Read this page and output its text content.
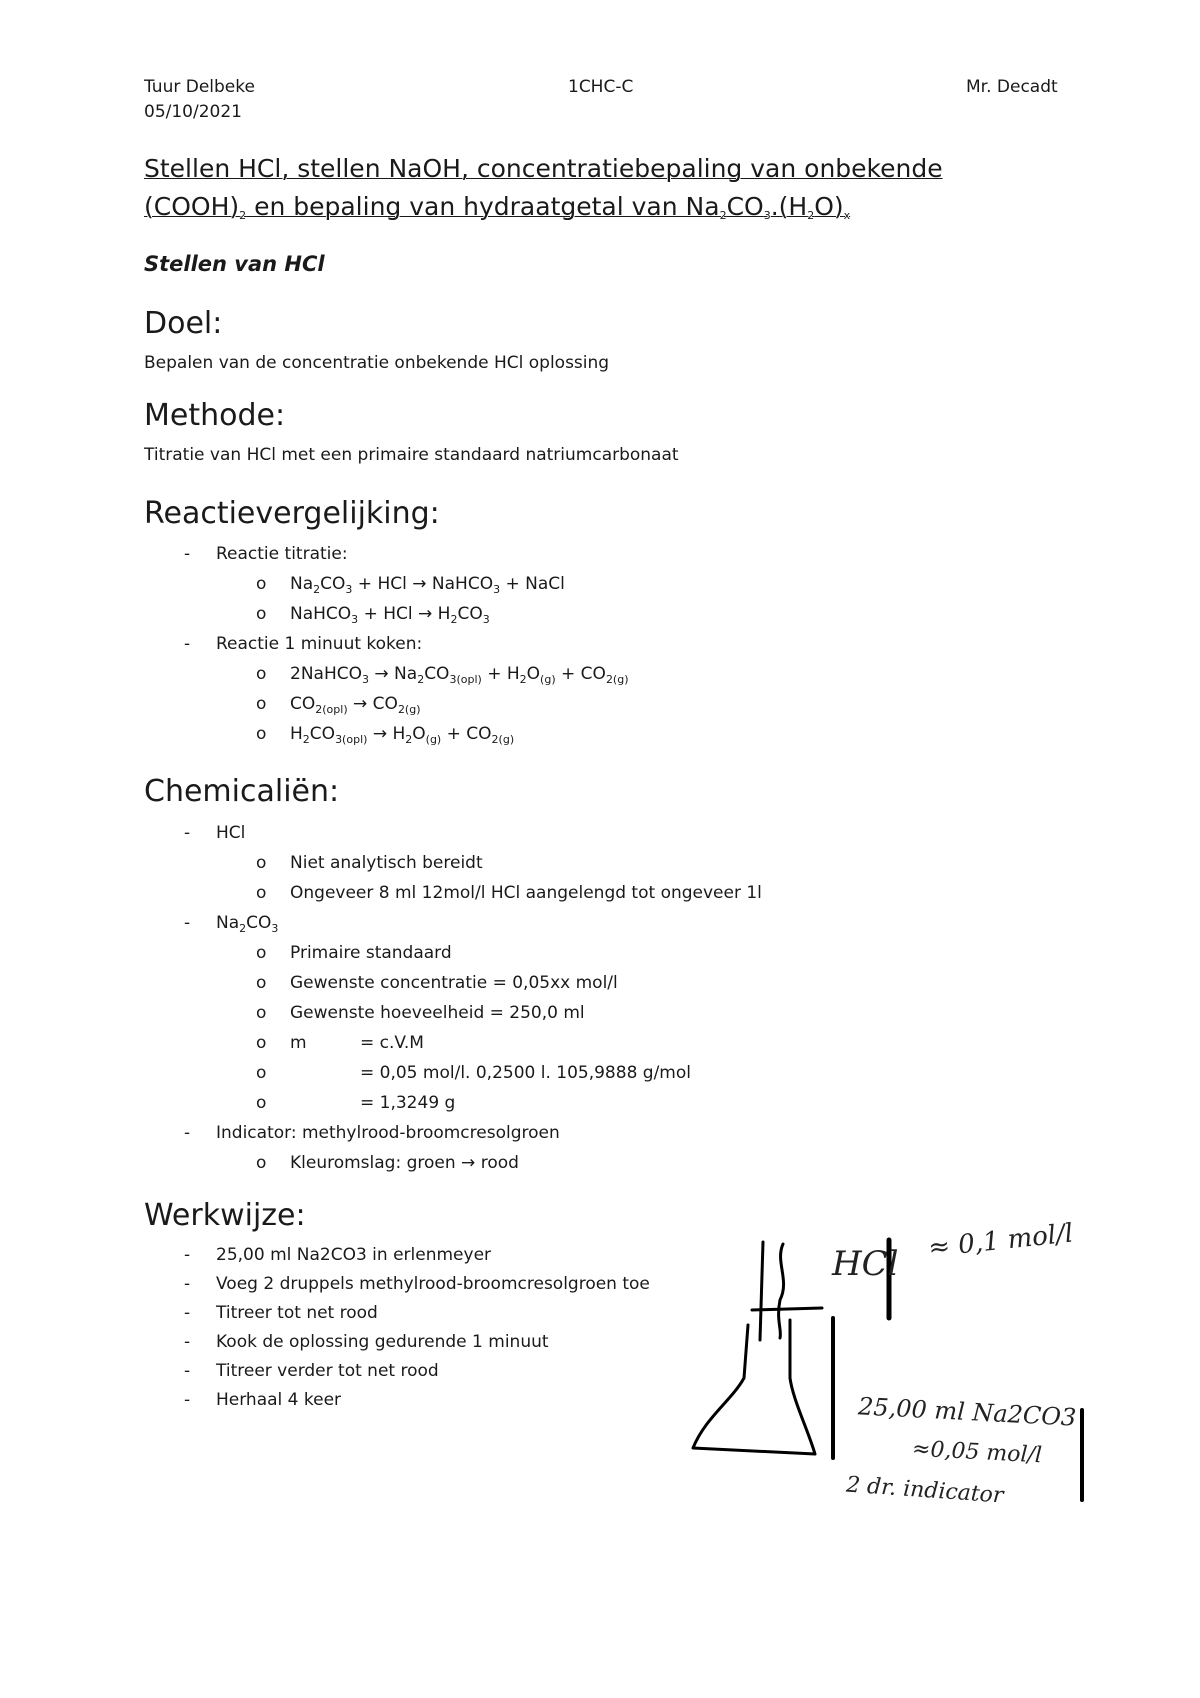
Tuur Delbeke	1CHC-C	Mr. Decadt
05/10/2021
Stellen HCl, stellen NaOH, concentratiebepaling van onbekende
$(COOH)_2$ en bepaling van hydraatgetal van $Na_2CO_3.(H_2O)_x$
Stellen van HCl
Doel:
Bepalen van de concentratie onbekende HCl oplossing
Methode:
Titratie van HCl met een primaire standaard natriumcarbonaat
Reactievergelijking:
- Reactie titratie:
o $Na_2CO_3$ + HCl → NaHCO$_3$ + NaCl
o NaHCO$_3$ + HCl → $H_2CO_3$
- Reactie 1 minuut koken:
o 2NaHCO$_3$ → $Na_2CO_{3(opl)} + H_2O_{(g)} + CO_{2(g)}$
o $CO_{2(opl)} \to CO_{2(g)}$
o $H_2CO_{3(opl)} \to H_2O_{(g)} + CO_{2(g)}$
Chemicaliën:
- HCl
o Niet analytisch bereidt
o Ongeveer 8 ml 12mol/l HCl aangelengd tot ongeveer 1l
- $Na_2CO_3$
o Primaire standaard
o Gewenste concentratie = 0,05xx mol/l
o Gewenste hoeveelheid = 250,0 ml
o m	= c.V.M
o	= 0,05 mol/l. 0,2500 l. 105,9888 g/mol
o	= 1,3249 g
- Indicator: methylrood-broomcresolgroen
o Kleuromslag: groen → rood
Werkwijze:
- 25,00 ml Na2CO3 in erlenmeyer
- Voeg 2 druppels methylrood-broomcresolgroen toe
- Titreer tot net rood
- Kook de oplossing gedurende 1 minuut
- Titreer verder tot net rood
- Herhaal 4 keer
HCl
≈ 0,1 mol/l
25,00 ml Na2CO3
≈0,05 mol/l
2 dr. indicator
